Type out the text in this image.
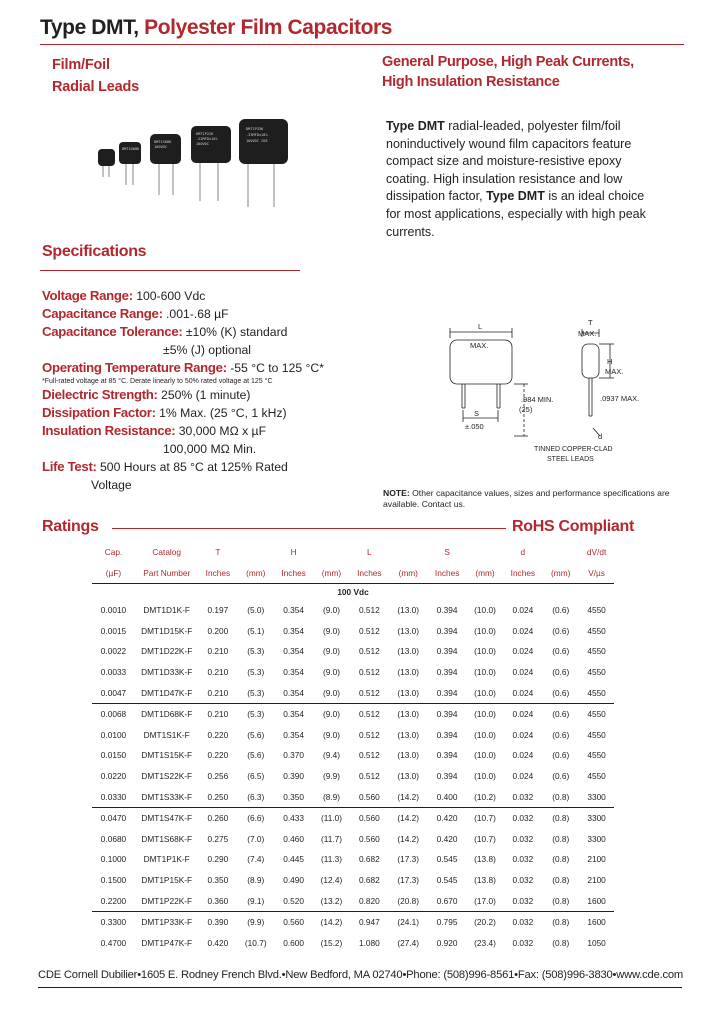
Type DMT, Polyester Film Capacitors
Film/Foil
Radial Leads
General Purpose, High Peak Currents,
High Insulation Resistance
DMT1D68K
DMT1S68K
100VDC
DMT1P22K
.22MFD±10%
100VDC
DMT1P33K
.33MFD±10%
100VDC CDE
Type DMT radial-leaded, polyester film/foil noninductively wound film capacitors feature compact size and moisture-resistive epoxy coating. High insulation resistance and low dissipation factor, Type DMT is an ideal choice for most applications, especially with high peak currents.
Specifications
Voltage Range: 100-600 Vdc
Capacitance Range: .001-.68 µF
Capacitance Tolerance: ±10% (K) standard
±5% (J) optional
Operating Temperature Range: -55 °C to 125 °C*
*Full-rated voltage at 85 °C. Derate linearly to 50% rated voltage at 125 °C
Dielectric Strength: 250% (1 minute)
Dissipation Factor: 1% Max. (25 °C, 1 kHz)
Insulation Resistance: 30,000 MΩ x µF
100,000 MΩ Min.
Life Test: 500 Hours at 85 °C at 125% Rated
Voltage
L
MAX.
T
MAX.
H
MAX.
.984 MIN.
(25)
S
±.050
.0937 MAX.
d
TINNED COPPER-CLAD
STEEL LEADS
NOTE: Other capacitance values, sizes and performance specifications are available. Contact us.
Ratings	RoHS Compliant
Cap.	Catalog	T		H		L		S		d		dV/dt
(µF)	Part Number	Inches	(mm)	Inches	(mm)	Inches	(mm)	Inches	(mm)	Inches	(mm)	V/µs
100 Vdc												
0.0010	DMT1D1K-F	0.197	(5.0)	0.354	(9.0)	0.512	(13.0)	0.394	(10.0)	0.024	(0.6)	4550
0.0015	DMT1D15K-F	0.200	(5.1)	0.354	(9.0)	0.512	(13.0)	0.394	(10.0)	0.024	(0.6)	4550
0.0022	DMT1D22K-F	0.210	(5.3)	0.354	(9.0)	0.512	(13.0)	0.394	(10.0)	0.024	(0.6)	4550
0.0033	DMT1D33K-F	0.210	(5.3)	0.354	(9.0)	0.512	(13.0)	0.394	(10.0)	0.024	(0.6)	4550
0.0047	DMT1D47K-F	0.210	(5.3)	0.354	(9.0)	0.512	(13.0)	0.394	(10.0)	0.024	(0.6)	4550
0.0068	DMT1D68K-F	0.210	(5.3)	0.354	(9.0)	0.512	(13.0)	0.394	(10.0)	0.024	(0.6)	4550
0.0100	DMT1S1K-F	0.220	(5.6)	0.354	(9.0)	0.512	(13.0)	0.394	(10.0)	0.024	(0.6)	4550
0.0150	DMT1S15K-F	0.220	(5.6)	0.370	(9.4)	0.512	(13.0)	0.394	(10.0)	0.024	(0.6)	4550
0.0220	DMT1S22K-F	0.256	(6.5)	0.390	(9.9)	0.512	(13.0)	0.394	(10.0)	0.024	(0.6)	4550
0.0330	DMT1S33K-F	0.250	(6.3)	0.350	(8.9)	0.560	(14.2)	0.400	(10.2)	0.032	(0.8)	3300
0.0470	DMT1S47K-F	0.260	(6.6)	0.433	(11.0)	0.560	(14.2)	0.420	(10.7)	0.032	(0.8)	3300
0.0680	DMT1S68K-F	0.275	(7.0)	0.460	(11.7)	0.560	(14.2)	0.420	(10.7)	0.032	(0.8)	3300
0.1000	DMT1P1K-F	0.290	(7.4)	0.445	(11.3)	0.682	(17.3)	0.545	(13.8)	0.032	(0.8)	2100
0.1500	DMT1P15K-F	0.350	(8.9)	0.490	(12.4)	0.682	(17.3)	0.545	(13.8)	0.032	(0.8)	2100
0.2200	DMT1P22K-F	0.360	(9.1)	0.520	(13.2)	0.820	(20.8)	0.670	(17.0)	0.032	(0.8)	1600
0.3300	DMT1P33K-F	0.390	(9.9)	0.560	(14.2)	0.947	(24.1)	0.795	(20.2)	0.032	(0.8)	1600
0.4700	DMT1P47K-F	0.420	(10.7)	0.600	(15.2)	1.080	(27.4)	0.920	(23.4)	0.032	(0.8)	1050
CDE Cornell Dubilier•1605 E. Rodney French Blvd.•New Bedford, MA 02740•Phone: (508)996-8561•Fax: (508)996-3830•www.cde.com
